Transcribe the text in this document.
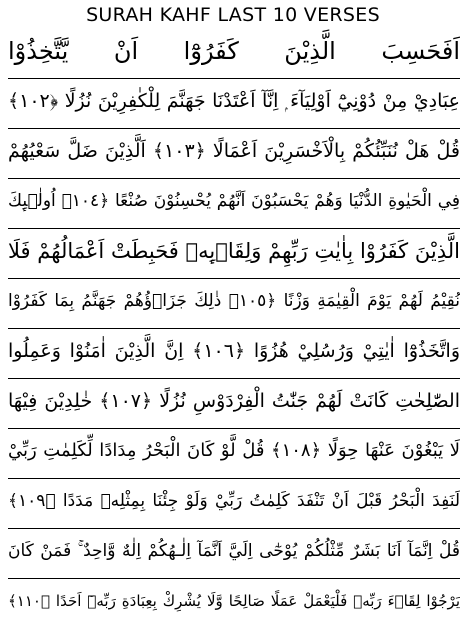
SURAH KAHF LAST 10 VERSES
اَفَحَسِبَ الَّذِيْنَ كَفَرُوْٓا اَنْ يَّتَّخِذُوْا
عِبَادِيْ مِنْ دُوْنِيْٓ اَوْلِيَآءَ ۭ اِنَّآ اَعْتَدْنَا جَهَنَّمَ لِلْكٰفِرِيْنَ نُزُلًا ﴿١٠٢﴾
قُلْ هَلْ نُنَبِّئُكُمْ بِالْاَخْسَرِيْنَ اَعْمَالًا ﴿١٠٣﴾ اَلَّذِيْنَ ضَلَّ سَعْيُهُمْ
فِي الْحَيٰوةِ الدُّنْيَا وَهُمْ يَحْسَبُوْنَ اَنَّهُمْ يُحْسِنُوْنَ صُنْعًا ﴿١٠٤﴾ اُولٰۗىِٕكَ
الَّذِيْنَ كَفَرُوْا بِاٰيٰتِ رَبِّهِمْ وَلِقَاۗىِٕهٖ فَحَبِطَتْ اَعْمَالُهُمْ فَلَا
نُقِيْمُ لَهُمْ يَوْمَ الْقِيٰمَةِ وَزْنًا ﴿١٠٥﴾ ذٰلِكَ جَزَاۗؤُهُمْ جَهَنَّمُ بِمَا كَفَرُوْا
وَاتَّخَذُوْٓا اٰيٰتِيْ وَرُسُلِيْ هُزُوًا ﴿١٠٦﴾ اِنَّ الَّذِيْنَ اٰمَنُوْا وَعَمِلُوا
الصّٰلِحٰتِ كَانَتْ لَهُمْ جَنّٰتُ الْفِرْدَوْسِ نُزُلًا ﴿١٠٧﴾ خٰلِدِيْنَ فِيْهَا
لَا يَبْغُوْنَ عَنْهَا حِوَلًا ﴿١٠٨﴾ قُلْ لَّوْ كَانَ الْبَحْرُ مِدَادًا لِّكَلِمٰتِ رَبِّيْ
لَنَفِدَ الْبَحْرُ قَبْلَ اَنْ تَنْفَدَ كَلِمٰتُ رَبِّيْ وَلَوْ جِئْنَا بِمِثْلِهٖ مَدَدًا ﴿١٠٩﴾
قُلْ اِنَّمَآ اَنَا بَشَرٌ مِّثْلُكُمْ يُوْحٰٓى اِلَيَّ اَنَّمَآ اِلٰـهُكُمْ اِلٰهٌ وَّاحِدٌ ۚ فَمَنْ كَانَ
يَرْجُوْا لِقَاۗءَ رَبِّهٖ فَلْيَعْمَلْ عَمَلًا صَالِحًا وَّلَا يُشْرِكْ بِعِبَادَةِ رَبِّهٖٓ اَحَدًا ﴿١١٠﴾
